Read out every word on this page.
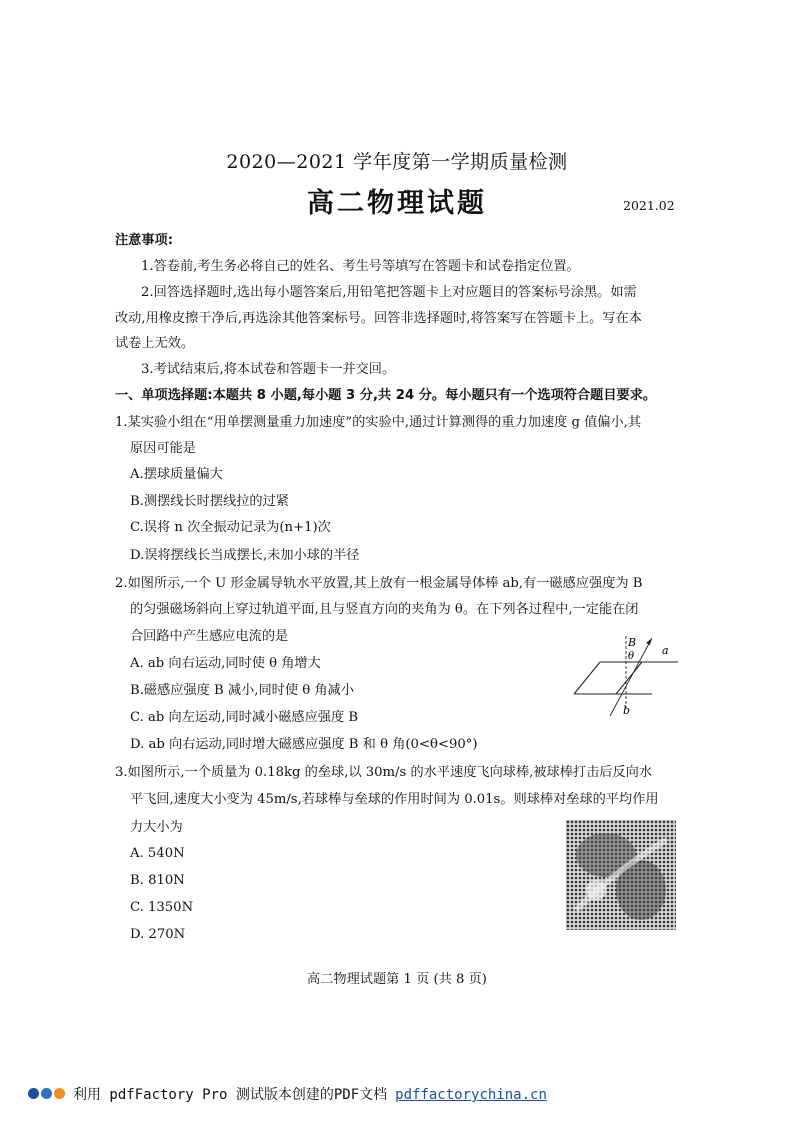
2020—2021 学年度第一学期质量检测
高二物理试题	2021.02
注意事项:
1.答卷前,考生务必将自己的姓名、考生号等填写在答题卡和试卷指定位置。
2.回答选择题时,选出每小题答案后,用铅笔把答题卡上对应题目的答案标号涂黑。如需
改动,用橡皮擦干净后,再选涂其他答案标号。回答非选择题时,将答案写在答题卡上。写在本
试卷上无效。
3.考试结束后,将本试卷和答题卡一并交回。
一、单项选择题:本题共 8 小题,每小题 3 分,共 24 分。每小题只有一个选项符合题目要求。
1.某实验小组在“用单摆测量重力加速度”的实验中,通过计算测得的重力加速度 g 值偏小,其
原因可能是
A.摆球质量偏大
B.测摆线长时摆线拉的过紧
C.误将 n 次全振动记录为(n+1)次
D.误将摆线长当成摆长,未加小球的半径
2.如图所示,一个 U 形金属导轨水平放置,其上放有一根金属导体棒 ab,有一磁感应强度为 B
的匀强磁场斜向上穿过轨道平面,且与竖直方向的夹角为 θ。在下列各过程中,一定能在闭
合回路中产生感应电流的是
A. ab 向右运动,同时使 θ 角增大
B.磁感应强度 B 减小,同时使 θ 角减小
C. ab 向左运动,同时减小磁感应强度 B
D. ab 向右运动,同时增大磁感应强度 B 和 θ 角(0<θ<90°)
B
θ	a
b
3.如图所示,一个质量为 0.18kg 的垒球,以 30m/s 的水平速度飞向球棒,被球棒打击后反向水
平飞回,速度大小变为 45m/s,若球棒与垒球的作用时间为 0.01s。则球棒对垒球的平均作用
力大小为
A. 540N
B. 810N
C. 1350N
D. 270N
高二物理试题第 1 页 (共 8 页)
利用 pdfFactory Pro 测试版本创建的PDF文档 pdffactorychina.cn
